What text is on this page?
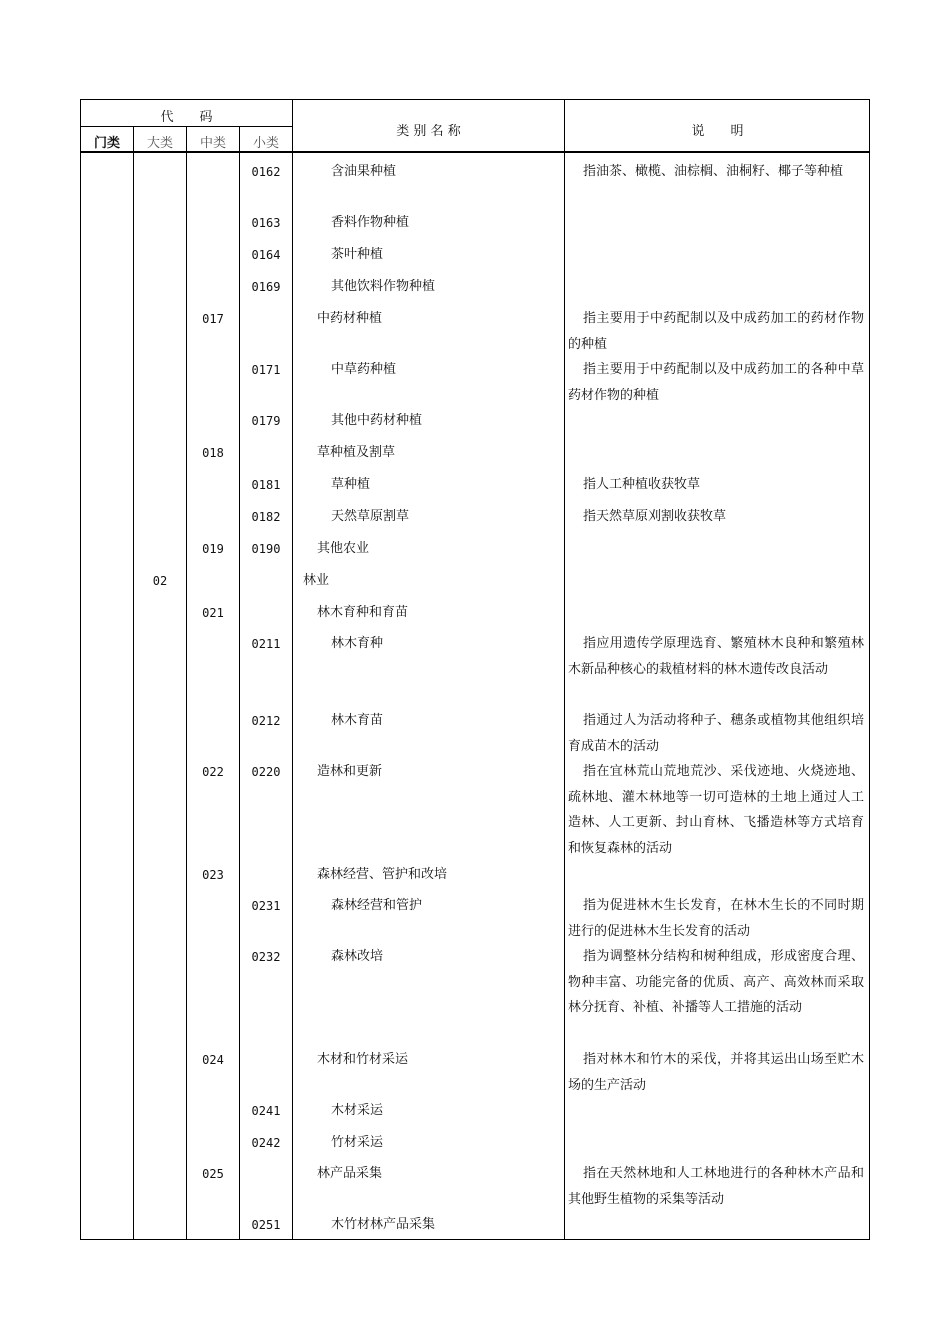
代　　码
门类	大类	中类	小类
类 别 名 称	说　　明
0162	含油果种植	指油茶、橄榄、油棕榈、油桐籽、椰子等种植
0163	香料作物种植
0164	茶叶种植
0169	其他饮料作物种植
017	中药材种植	指主要用于中药配制以及中成药加工的药材作物的种植
0171	中草药种植	指主要用于中药配制以及中成药加工的各种中草药材作物的种植
0179	其他中药材种植
018	草种植及割草
0181	草种植	指人工种植收获牧草
0182	天然草原割草	指天然草原刈割收获牧草
019	0190	其他农业
02	林业
021	林木育种和育苗
0211	林木育种	指应用遗传学原理选育、繁殖林木良种和繁殖林木新品种核心的栽植材料的林木遗传改良活动
0212	林木育苗	指通过人为活动将种子、穗条或植物其他组织培育成苗木的活动
022	0220	造林和更新	指在宜林荒山荒地荒沙、采伐迹地、火烧迹地、疏林地、灌木林地等一切可造林的土地上通过人工造林、人工更新、封山育林、飞播造林等方式培育和恢复森林的活动
023	森林经营、管护和改培
0231	森林经营和管护	指为促进林木生长发育，在林木生长的不同时期进行的促进林木生长发育的活动
0232	森林改培	指为调整林分结构和树种组成，形成密度合理、物种丰富、功能完备的优质、高产、高效林而采取林分抚育、补植、补播等人工措施的活动
024	木材和竹材采运	指对林木和竹木的采伐，并将其运出山场至贮木场的生产活动
0241	木材采运
0242	竹材采运
025	林产品采集	指在天然林地和人工林地进行的各种林木产品和其他野生植物的采集等活动
0251	木竹材林产品采集
